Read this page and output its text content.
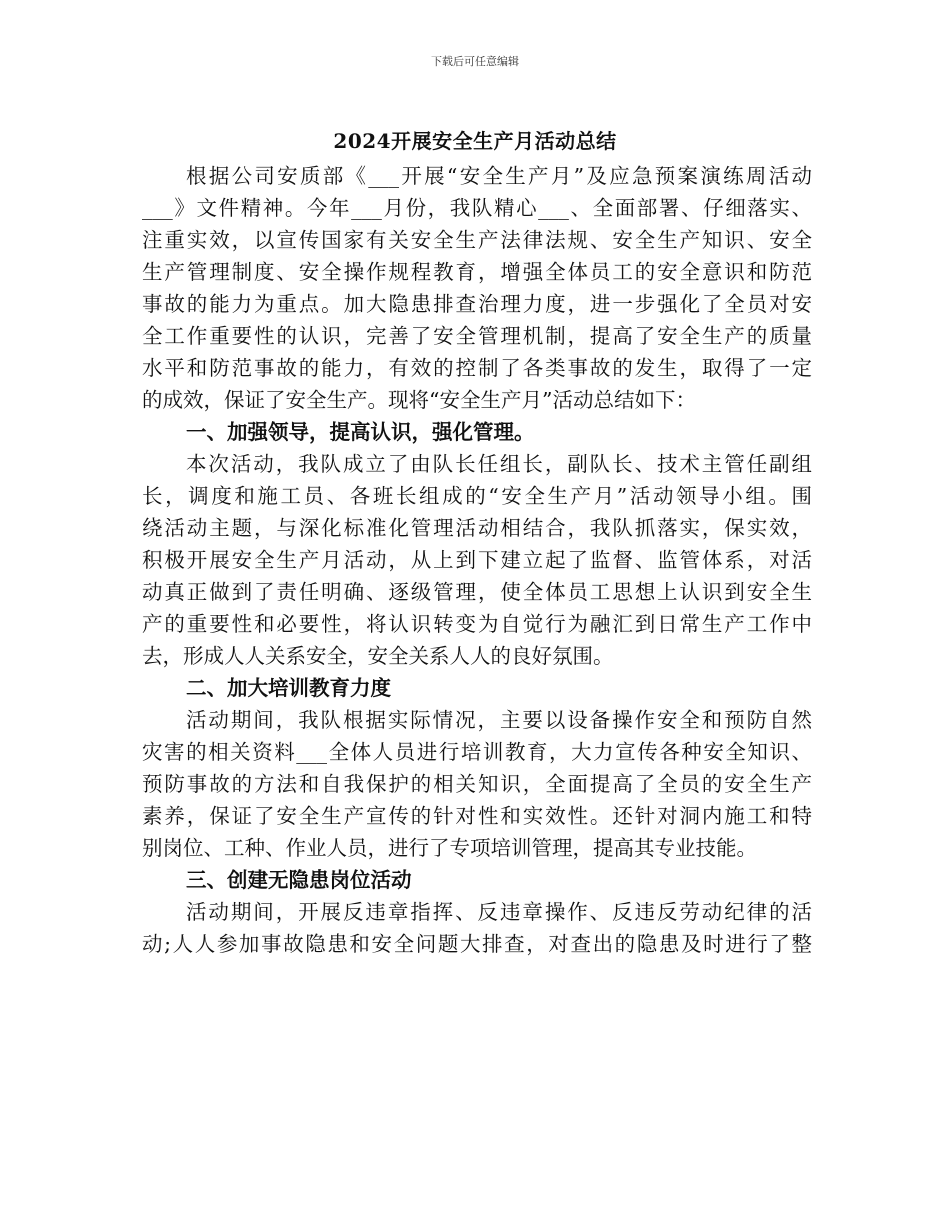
下载后可任意编辑
2024开展安全生产月活动总结
根据公司安质部《___开展“安全生产月”及应急预案演练周活动
___》文件精神。今年___月份，我队精心___、全面部署、仔细落实、
注重实效，以宣传国家有关安全生产法律法规、安全生产知识、安全
生产管理制度、安全操作规程教育，增强全体员工的安全意识和防范
事故的能力为重点。加大隐患排查治理力度，进一步强化了全员对安
全工作重要性的认识，完善了安全管理机制，提高了安全生产的质量
水平和防范事故的能力，有效的控制了各类事故的发生，取得了一定
的成效，保证了安全生产。现将“安全生产月”活动总结如下：
一、加强领导，提高认识，强化管理。
本次活动，我队成立了由队长任组长，副队长、技术主管任副组
长，调度和施工员、各班长组成的“安全生产月”活动领导小组。围
绕活动主题，与深化标准化管理活动相结合，我队抓落实，保实效，
积极开展安全生产月活动，从上到下建立起了监督、监管体系，对活
动真正做到了责任明确、逐级管理，使全体员工思想上认识到安全生
产的重要性和必要性，将认识转变为自觉行为融汇到日常生产工作中
去，形成人人关系安全，安全关系人人的良好氛围。
二、加大培训教育力度
活动期间，我队根据实际情况，主要以设备操作安全和预防自然
灾害的相关资料___全体人员进行培训教育，大力宣传各种安全知识、
预防事故的方法和自我保护的相关知识，全面提高了全员的安全生产
素养，保证了安全生产宣传的针对性和实效性。还针对洞内施工和特
别岗位、工种、作业人员，进行了专项培训管理，提高其专业技能。
三、创建无隐患岗位活动
活动期间，开展反违章指挥、反违章操作、反违反劳动纪律的活
动;人人参加事故隐患和安全问题大排查，对查出的隐患及时进行了整
